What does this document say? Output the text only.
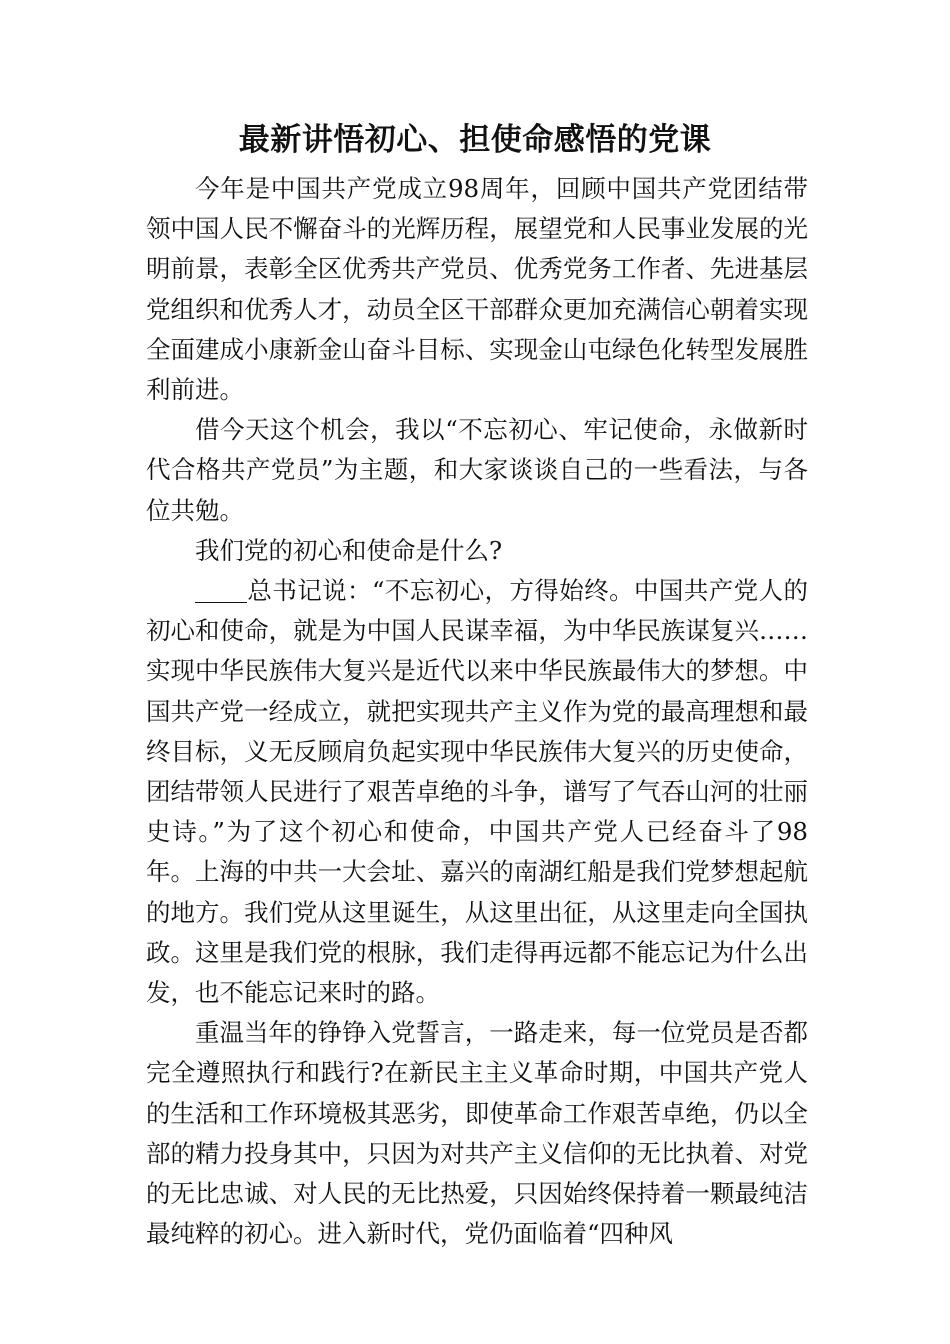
最新讲悟初心、担使命感悟的党课

今年是中国共产党成立98周年，回顾中国共产党团结带领中国人民不懈奋斗的光辉历程，展望党和人民事业发展的光明前景，表彰全区优秀共产党员、优秀党务工作者、先进基层党组织和优秀人才，动员全区干部群众更加充满信心朝着实现全面建成小康新金山奋斗目标、实现金山屯绿色化转型发展胜利前进。

借今天这个机会，我以“不忘初心、牢记使命，永做新时代合格共产党员”为主题，和大家谈谈自己的一些看法，与各位共勉。

我们党的初心和使命是什么?

总书记说：“不忘初心，方得始终。中国共产党人的初心和使命，就是为中国人民谋幸福，为中华民族谋复兴……实现中华民族伟大复兴是近代以来中华民族最伟大的梦想。中国共产党一经成立，就把实现共产主义作为党的最高理想和最终目标，义无反顾肩负起实现中华民族伟大复兴的历史使命，团结带领人民进行了艰苦卓绝的斗争，谱写了气吞山河的壮丽史诗。”为了这个初心和使命，中国共产党人已经奋斗了98年。上海的中共一大会址、嘉兴的南湖红船是我们党梦想起航的地方。我们党从这里诞生，从这里出征，从这里走向全国执政。这里是我们党的根脉，我们走得再远都不能忘记为什么出发，也不能忘记来时的路。

重温当年的铮铮入党誓言，一路走来，每一位党员是否都完全遵照执行和践行?在新民主主义革命时期，中国共产党人的生活和工作环境极其恶劣，即使革命工作艰苦卓绝，仍以全部的精力投身其中，只因为对共产主义信仰的无比执着、对党的无比忠诚、对人民的无比热爱，只因始终保持着一颗最纯洁最纯粹的初心。进入新时代，党仍面临着“四种风
